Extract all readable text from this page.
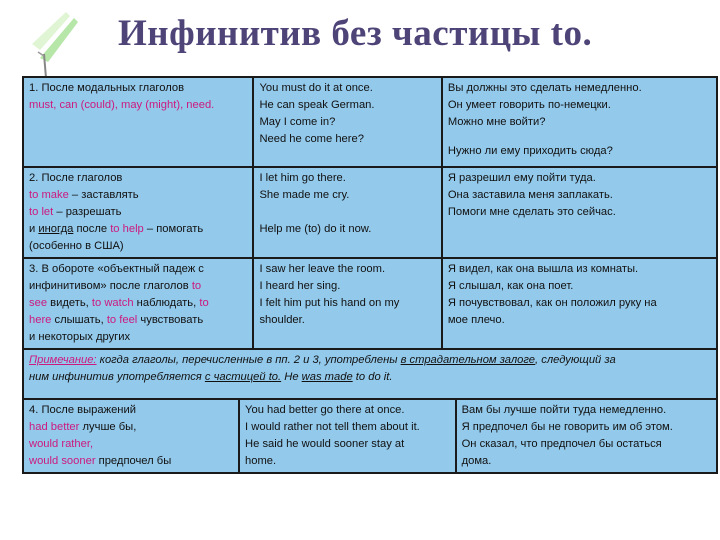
Инфинитив без частицы to.
1. После модальных глаголов
must, can (could), may (might), need.	You must do it at once.
He can speak German.
May I come in?
Need he come here?	Вы должны это сделать немедленно.
Он умеет говорить по-немецки.
Можно мне войти?
Нужно ли ему приходить сюда?

2. После глаголов
to make – заставлять
to let – разрешать
и иногда после to help – помогать
(особенно в США)	I let him go there.
She made me cry.
Help me (to) do it now.	Я разрешил ему пойти туда.
Она заставила меня заплакать.
Помоги мне сделать это сейчас.

3. В обороте «объектный падеж с
инфинитивом» после глаголов to
see видеть, to watch наблюдать, to
here слышать, to feel чувствовать
и некоторых других	I saw her leave the room.
I heard her sing.
I felt him put his hand on my
shoulder.	Я видел, как она вышла из комнаты.
Я слышал, как она поет.
Я почувствовал, как он положил руку на
мое плечо.

Примечание: когда глаголы, перечисленные в пп. 2 и 3, употреблены в страдательном залоге, следующий за
ним инфинитив употребляется с частицей to. He was made to do it.		
4. После выражений
had better лучше бы,
would rather,
would sooner предпочел бы

You had better go there at once.
I would rather not tell them about it.
He said he would sooner stay at
home.

Вам бы лучше пойти туда немедленно.
Я предпочел бы не говорить им об этом.
Он сказал, что предпочел бы остаться
дома.
